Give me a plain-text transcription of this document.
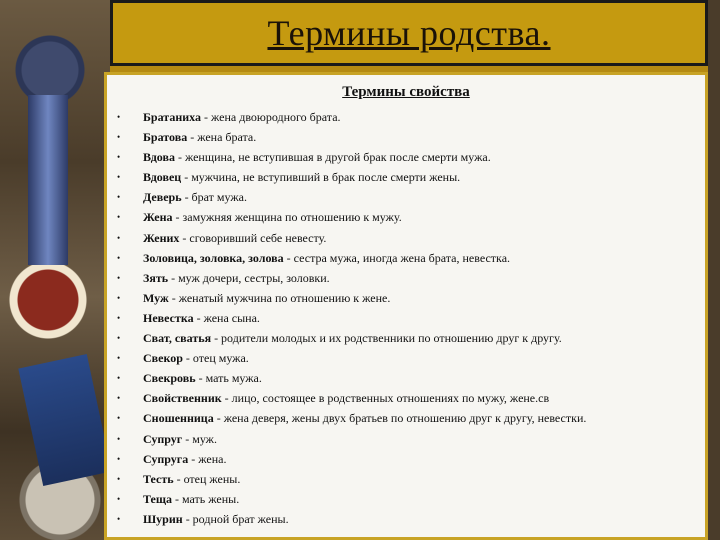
Термины родства.
Термины свойства
• Братаниха - жена двоюродного брата.
• Братова - жена брата.
• Вдова - женщина, не вступившая в другой брак после смерти мужа.
• Вдовец - мужчина, не вступивший в брак после смерти жены.
• Деверь - брат мужа.
• Жена - замужняя женщина по отношению к мужу.
• Жених - сговоривший себе невесту.
• Золовица, золовка, золова - сестра мужа, иногда жена брата, невестка.
• Зять - муж дочери, сестры, золовки.
• Муж - женатый мужчина по отношению к жене.
• Невестка - жена сына.
• Сват, сватья - родители молодых и их родственники по отношению друг к другу.
• Свекор - отец мужа.
• Свекровь - мать мужа.
• Свойственник - лицо, состоящее в родственных отношениях по мужу, жене.св
• Сношенница - жена деверя, жены двух братьев по отношению друг к другу, невестки.
• Супруг - муж.
• Супруга - жена.
• Тесть - отец жены.
• Теща - мать жены.
• Шурин - родной брат жены.
